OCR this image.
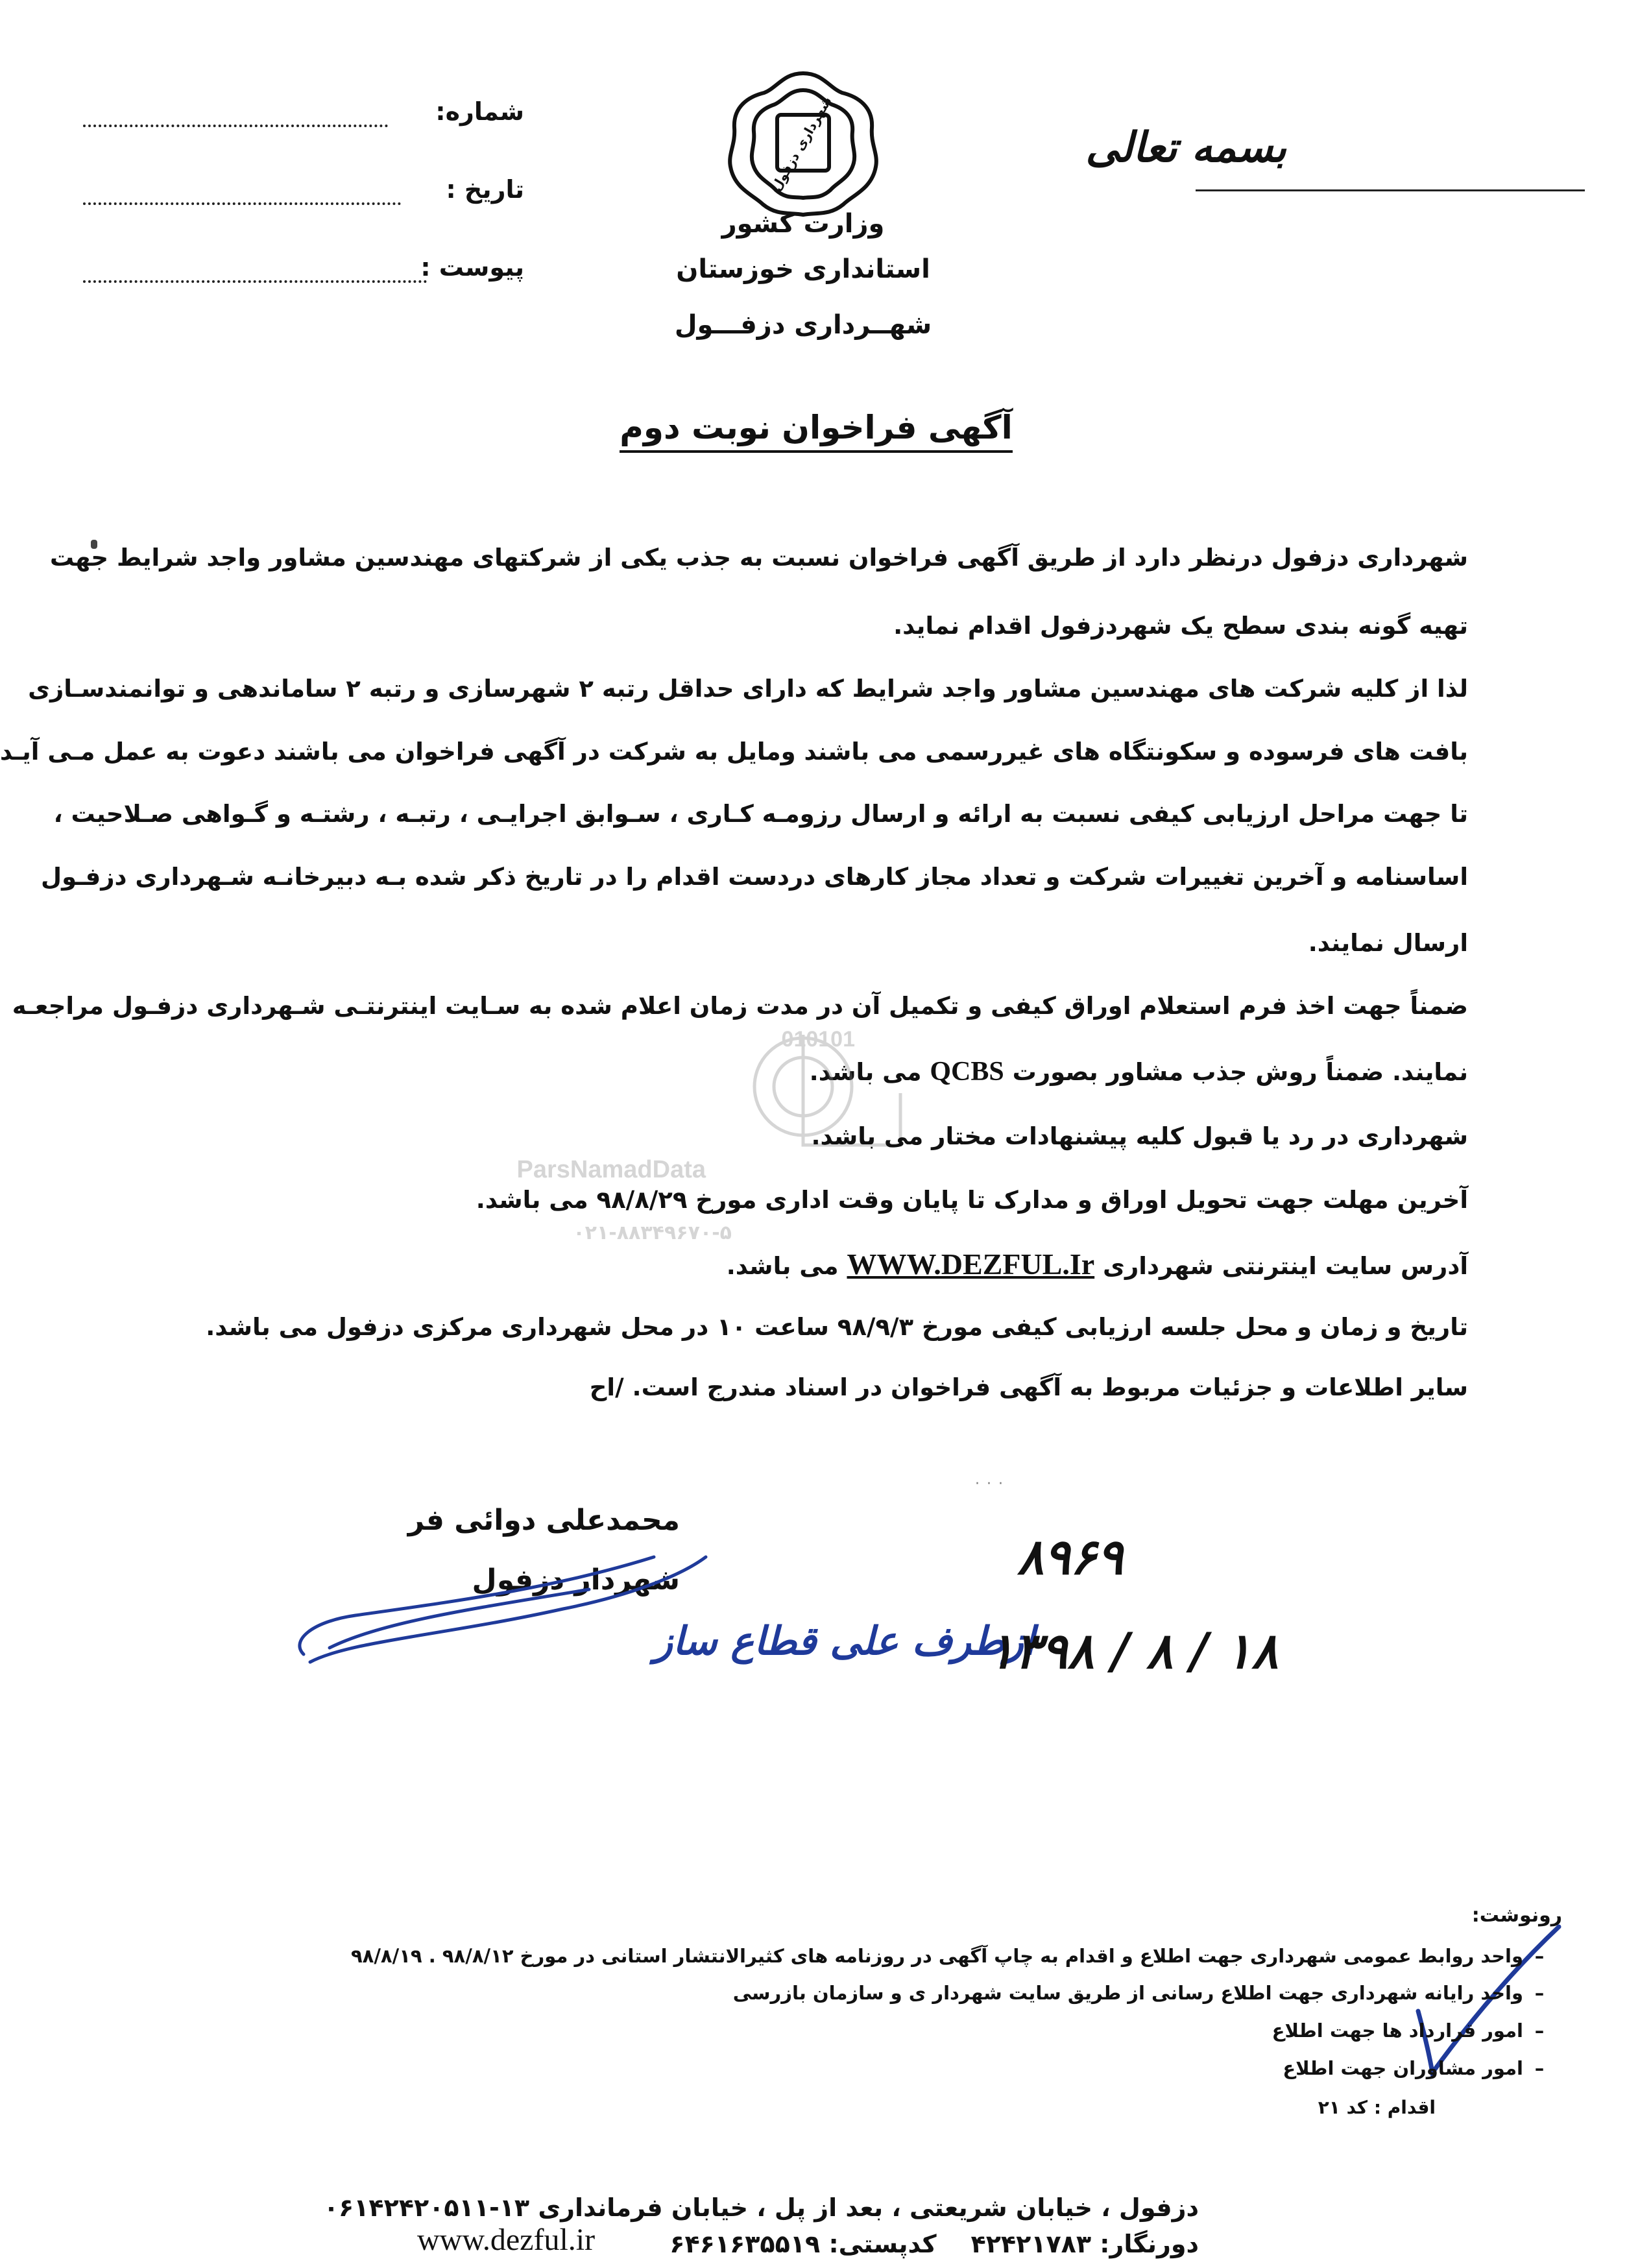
شماره:
تاریخ :
پیوست :
بسمه تعالی
شهرداری دزفول
وزارت کشور
استانداری خوزستان
شهــرداری دزفـــول
آگهی فراخوان نوبت دوم
شهرداری دزفول درنظر دارد از طریق آگهی فراخوان نسبت به جذب یکی از شرکتهای مهندسین مشاور واجد شرایط جهت
تهیه گونه بندی سطح یک شهردزفول اقدام نماید.
لذا از کلیه شرکت های مهندسین مشاور واجد شرایط که دارای حداقل رتبه ۲ شهرسازی و رتبه ۲ ساماندهی و توانمندسـازی
بافت های فرسوده و سکونتگاه های غیررسمی می باشند ومایل به شرکت در آگهی فراخوان می باشند دعوت به عمل مـی آیـد
تا جهت مراحل ارزیابی کیفی نسبت به ارائه و ارسال رزومـه کـاری ، سـوابق اجرایـی ، رتبـه ، رشتـه و گـواهی صـلاحیت ،
اساسنامه و آخرین تغییرات شرکت و تعداد مجاز کارهای دردست اقدام را در تاریخ ذکر شده بـه دبیرخانـه شـهرداری دزفـول
ارسال نمایند.
ضمناً جهت اخذ فرم استعلام اوراق کیفی و تکمیل آن در مدت زمان اعلام شده به سـایت اینترنتـی شـهرداری دزفـول مراجعـه
نمایند. ضمناً روش جذب مشاور بصورت QCBS می باشد.
010101
ParsNamadData
۰۲۱-۸۸۳۴۹۶۷۰-۵
شهرداری در رد یا قبول کلیه پیشنهادات مختار می باشد.
آخرین مهلت جهت تحویل اوراق و مدارک تا پایان وقت اداری مورخ ۹۸/۸/۲۹ می باشد.
آدرس سایت اینترنتی شهرداری WWW.DEZFUL.Ir می باشد.
تاریخ و زمان و محل جلسه ارزیابی کیفی مورخ ۹۸/۹/۳ ساعت ۱۰ در محل شهرداری مرکزی دزفول می باشد.
سایر اطلاعات و جزئیات مربوط به آگهی فراخوان در اسناد مندرج است. /اح
· · ·
محمدعلی دوائی فر
شهردار دزفول
ازطرف علی قطاع ساز
۸۹۶۹
۱۳۹۸ / ۸ / ۱۸
رونوشت:
–واحد روابط عمومی شهرداری جهت اطلاع و اقدام به چاپ آگهی در روزنامه های کثیرالانتشار استانی در مورخ ۹۸/۸/۱۲ . ۹۸/۸/۱۹
–واحد رایانه شهرداری جهت اطلاع رسانی از طریق سایت شهردار ی و سازمان بازرسی
–امور قرارداد ها جهت اطلاع
–امور مشاوران جهت اطلاع
اقدام : کد ۲۱
دزفول ، خیابان شریعتی ، بعد از پل ، خیابان فرمانداری ۱۳-۰۶۱۴۲۴۲۰۵۱۱
دورنگار: ۴۲۴۲۱۷۸۳    کدپستی: ۶۴۶۱۶۳۵۵۱۹
www.dezful.ir
